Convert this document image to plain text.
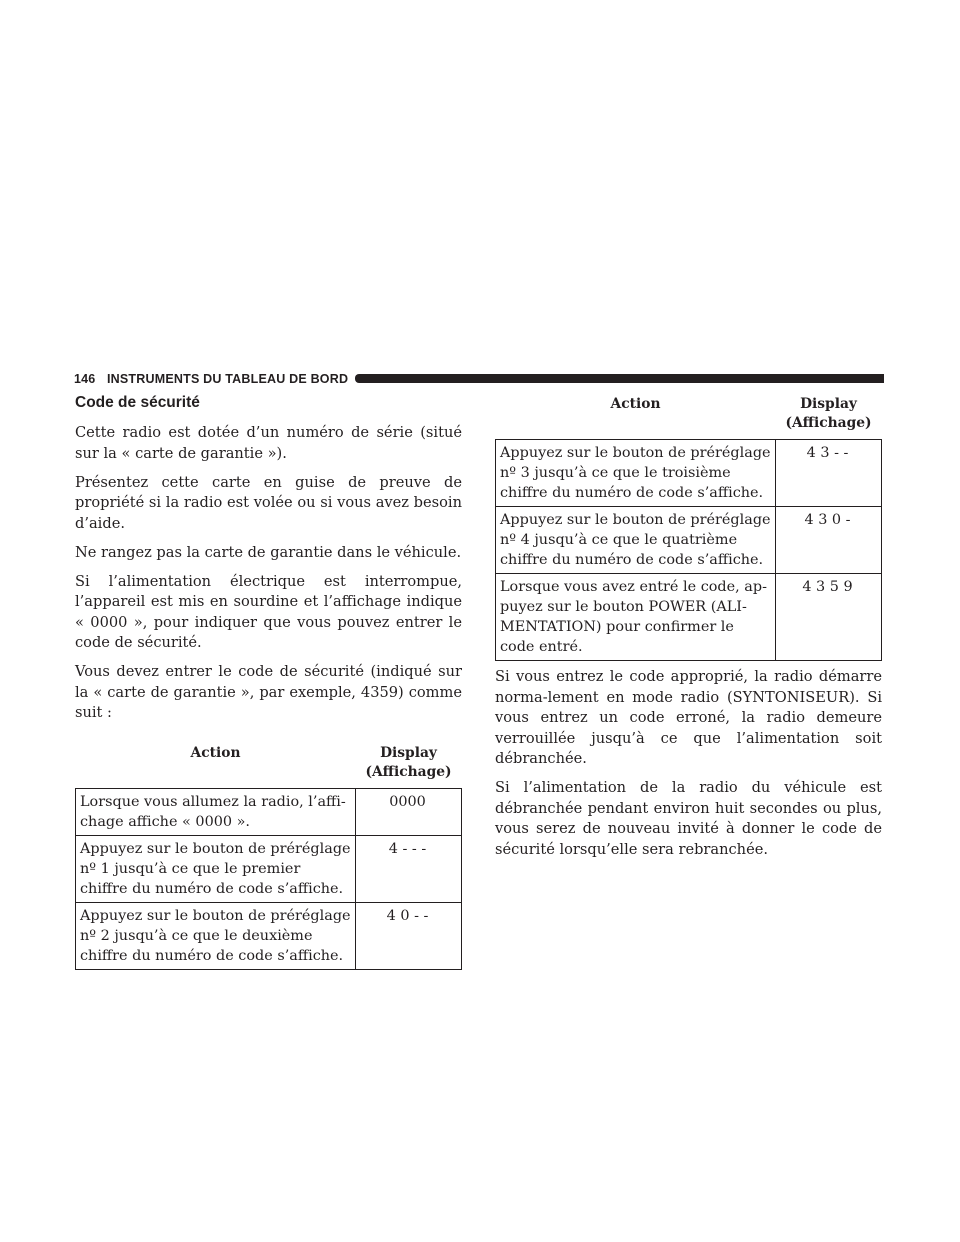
146 INSTRUMENTS DU TABLEAU DE BORD
Code de sécurité

Cette radio est dotée d’un numéro de série (situé sur la « carte de garantie »).

Présentez cette carte en guise de preuve de propriété si la radio est volée ou si vous avez besoin d’aide.

Ne rangez pas la carte de garantie dans le véhicule.

Si l’alimentation électrique est interrompue, l’appareil est mis en sourdine et l’affichage indique « 0000 », pour indiquer que vous pouvez entrer le code de sécurité.

Vous devez entrer le code de sécurité (indiqué sur la « carte de garantie », par exemple, 4359) comme suit :

Action	Display (Affichage)
Lorsque vous allumez la radio, l’affi-chage affiche « 0000 ».	0000
Appuyez sur le bouton de préréglage nº 1 jusqu’à ce que le premier chiffre du numéro de code s’affiche.	4 - - -
Appuyez sur le bouton de préréglage nº 2 jusqu’à ce que le deuxième chiffre du numéro de code s’affiche.	4 0 - -
Action	Display (Affichage)
Appuyez sur le bouton de préréglage nº 3 jusqu’à ce que le troisième chiffre du numéro de code s’affiche.	4 3 - -
Appuyez sur le bouton de préréglage nº 4 jusqu’à ce que le quatrième chiffre du numéro de code s’affiche.	4 3 0 -
Lorsque vous avez entré le code, ap-puyez sur le bouton POWER (ALI-MENTATION) pour confirmer le code entré.	4 3 5 9

Si vous entrez le code approprié, la radio démarre norma-lement en mode radio (SYNTONISEUR). Si vous entrez un code erroné, la radio demeure verrouillée jusqu’à ce que l’alimentation soit débranchée.

Si l’alimentation de la radio du véhicule est débranchée pendant environ huit secondes ou plus, vous serez de nouveau invité à donner le code de sécurité lorsqu’elle sera rebranchée.
